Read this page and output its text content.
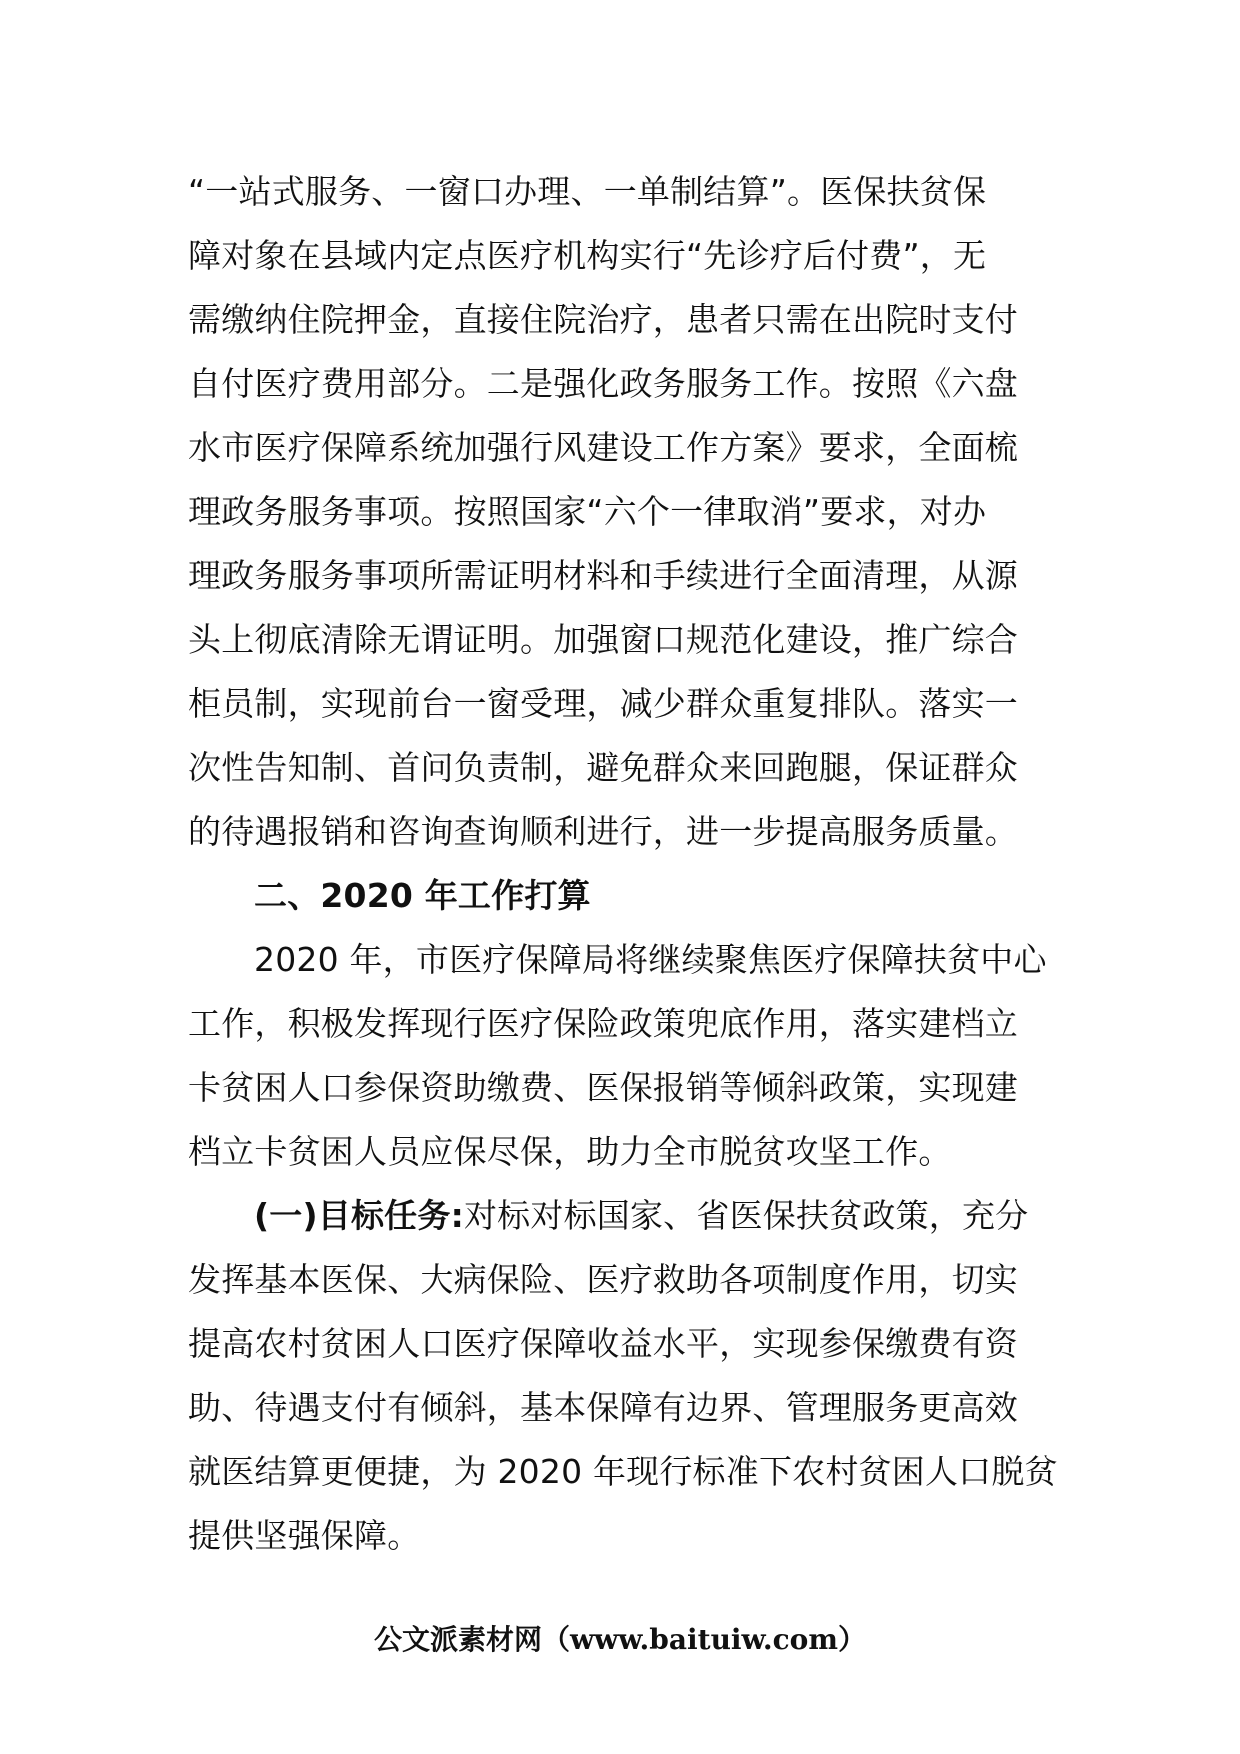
“一站式服务、一窗口办理、一单制结算”。医保扶贫保
障对象在县域内定点医疗机构实行“先诊疗后付费”，无
需缴纳住院押金，直接住院治疗，患者只需在出院时支付
自付医疗费用部分。二是强化政务服务工作。按照《六盘
水市医疗保障系统加强行风建设工作方案》要求，全面梳
理政务服务事项。按照国家“六个一律取消”要求，对办
理政务服务事项所需证明材料和手续进行全面清理，从源
头上彻底清除无谓证明。加强窗口规范化建设，推广综合
柜员制，实现前台一窗受理，减少群众重复排队。落实一
次性告知制、首问负责制，避免群众来回跑腿，保证群众
的待遇报销和咨询查询顺利进行，进一步提高服务质量。
二、2020 年工作打算
2020 年，市医疗保障局将继续聚焦医疗保障扶贫中心
工作，积极发挥现行医疗保险政策兜底作用，落实建档立
卡贫困人口参保资助缴费、医保报销等倾斜政策，实现建
档立卡贫困人员应保尽保，助力全市脱贫攻坚工作。
(一)目标任务:对标对标国家、省医保扶贫政策，充分
发挥基本医保、大病保险、医疗救助各项制度作用，切实
提高农村贫困人口医疗保障收益水平，实现参保缴费有资
助、待遇支付有倾斜，基本保障有边界、管理服务更高效
就医结算更便捷，为 2020 年现行标准下农村贫困人口脱贫
提供坚强保障。
公文派素材网（www.baituiw.com）
